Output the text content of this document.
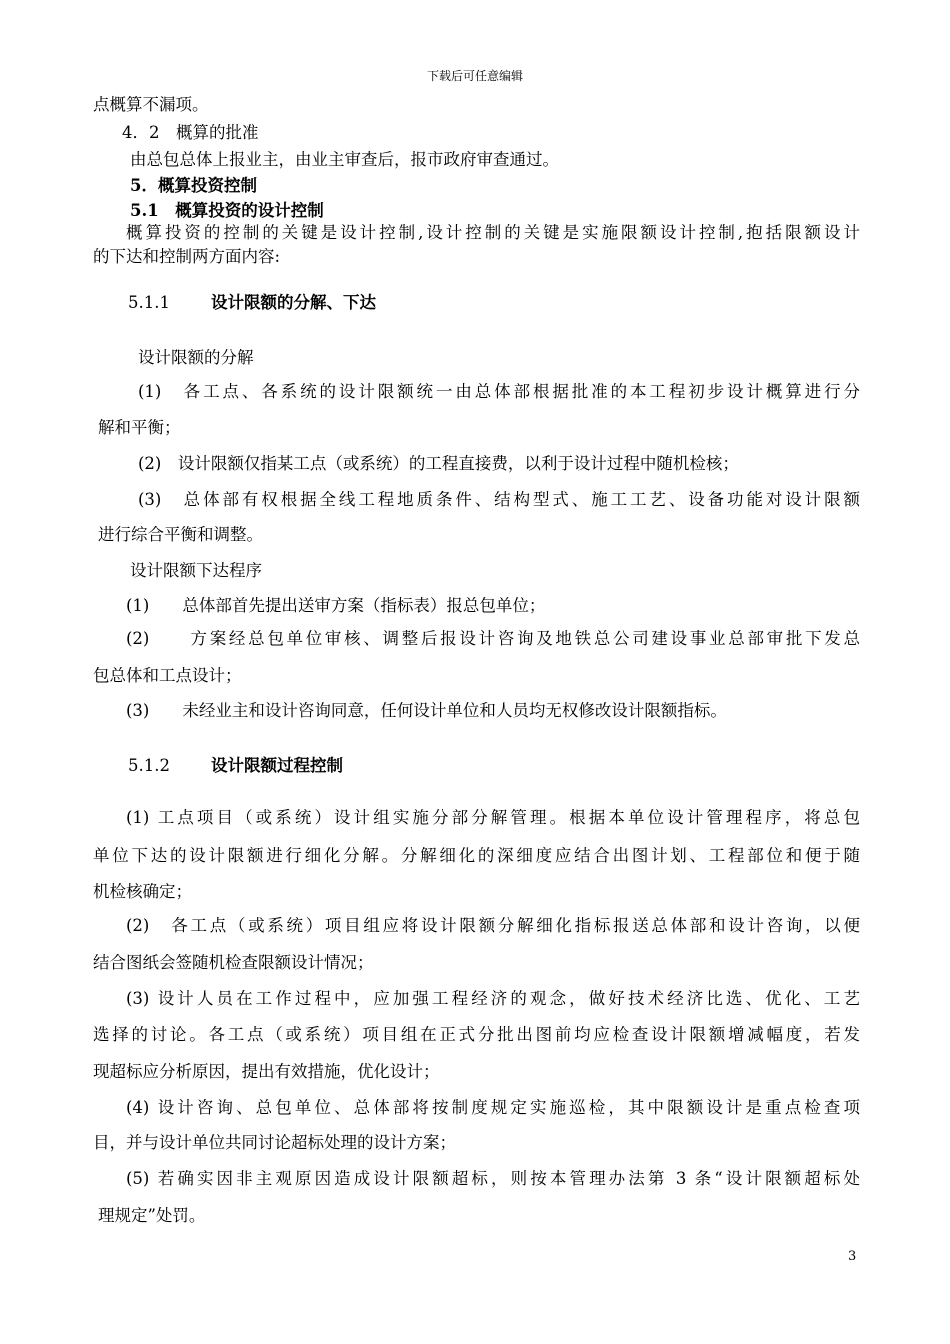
下载后可任意编辑
点概算不漏项。
4．2　概算的批准
由总包总体上报业主，由业主审查后，报市政府审查通过。
5．概算投资控制
5.1　概算投资的设计控制
概算投资的控制的关键是设计控制,设计控制的关键是实施限额设计控制,抱括限额设计
的下达和控制两方面内容:
5.1.1 设计限额的分解、下达
设计限额的分解
(1)　各工点、各系统的设计限额统一由总体部根据批准的本工程初步设计概算进行分
解和平衡；
(2)　设计限额仅指某工点（或系统）的工程直接费，以利于设计过程中随机检核；
(3)　总体部有权根据全线工程地质条件、结构型式、施工工艺、设备功能对设计限额
进行综合平衡和调整。
设计限额下达程序
(1)　　总体部首先提出送审方案（指标表）报总包单位；
(2)　　方案经总包单位审核、调整后报设计咨询及地铁总公司建设事业总部审批下发总
包总体和工点设计；
(3)　　未经业主和设计咨询同意，任何设计单位和人员均无权修改设计限额指标。
5.1.2 设计限额过程控制
(1) 工点项目（或系统）设计组实施分部分解管理。根据本单位设计管理程序，将总包
单位下达的设计限额进行细化分解。分解细化的深细度应结合出图计划、工程部位和便于随
机检核确定；
(2)　各工点（或系统）项目组应将设计限额分解细化指标报送总体部和设计咨询，以便
结合图纸会签随机检查限额设计情况；
(3) 设计人员在工作过程中，应加强工程经济的观念，做好技术经济比选、优化、工艺
选择的讨论。各工点（或系统）项目组在正式分批出图前均应检查设计限额增减幅度，若发
现超标应分析原因，提出有效措施，优化设计；
(4) 设计咨询、总包单位、总体部将按制度规定实施巡检，其中限额设计是重点检查项
目，并与设计单位共同讨论超标处理的设计方案；
(5) 若确实因非主观原因造成设计限额超标，则按本管理办法第 3 条“设计限额超标处
理规定”处罚。
3
